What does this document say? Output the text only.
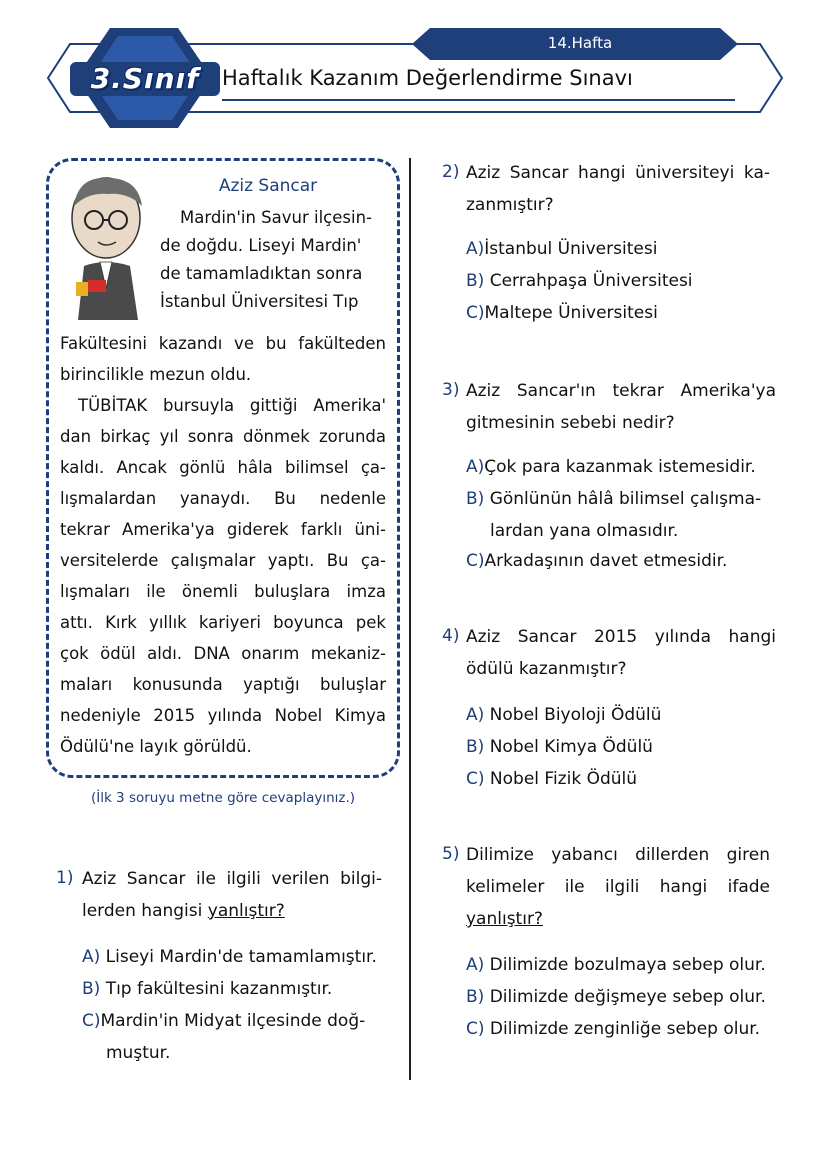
14.Hafta
3.Sınıf	Haftalık Kazanım Değerlendirme Sınavı
Aziz Sancar
Mardin'in Savur ilçesin-
de doğdu. Liseyi Mardin'
de tamamladıktan sonra
İstanbul Üniversitesi Tıp
Fakültesini kazandı ve bu fakülteden
birincilikle mezun oldu.
TÜBİTAK bursuyla gittiği Amerika'
dan birkaç yıl sonra dönmek zorunda
kaldı. Ancak gönlü hâla bilimsel ça-
lışmalardan yanaydı. Bu nedenle
tekrar Amerika'ya giderek farklı üni-
versitelerde çalışmalar yaptı. Bu ça-
lışmaları ile önemli buluşlara imza
attı. Kırk yıllık kariyeri boyunca pek
çok ödül aldı. DNA onarım mekaniz-
maları konusunda yaptığı buluşlar
nedeniyle 2015 yılında Nobel Kimya
Ödülü'ne layık görüldü.
(İlk 3 soruyu metne göre cevaplayınız.)
1) Aziz Sancar ile ilgili verilen bilgi-
lerden hangisi yanlıştır?
A) Liseyi Mardin'de tamamlamıştır.
B) Tıp fakültesini kazanmıştır.
C)Mardin'in Midyat ilçesinde doğ-
muştur.
2) Aziz Sancar hangi üniversiteyi ka-
zanmıştır?
A)İstanbul Üniversitesi
B) Cerrahpaşa Üniversitesi
C)Maltepe Üniversitesi
3) Aziz Sancar'ın tekrar Amerika'ya
gitmesinin sebebi nedir?
A)Çok para kazanmak istemesidir.
B) Gönlünün hâlâ bilimsel çalışma-
lardan yana olmasıdır.
C)Arkadaşının davet etmesidir.
4) Aziz Sancar 2015 yılında hangi
ödülü kazanmıştır?
A) Nobel Biyoloji Ödülü
B) Nobel Kimya Ödülü
C) Nobel Fizik Ödülü
5) Dilimize yabancı dillerden giren
kelimeler ile ilgili hangi ifade
yanlıştır?
A) Dilimizde bozulmaya sebep olur.
B) Dilimizde değişmeye sebep olur.
C) Dilimizde zenginliğe sebep olur.
